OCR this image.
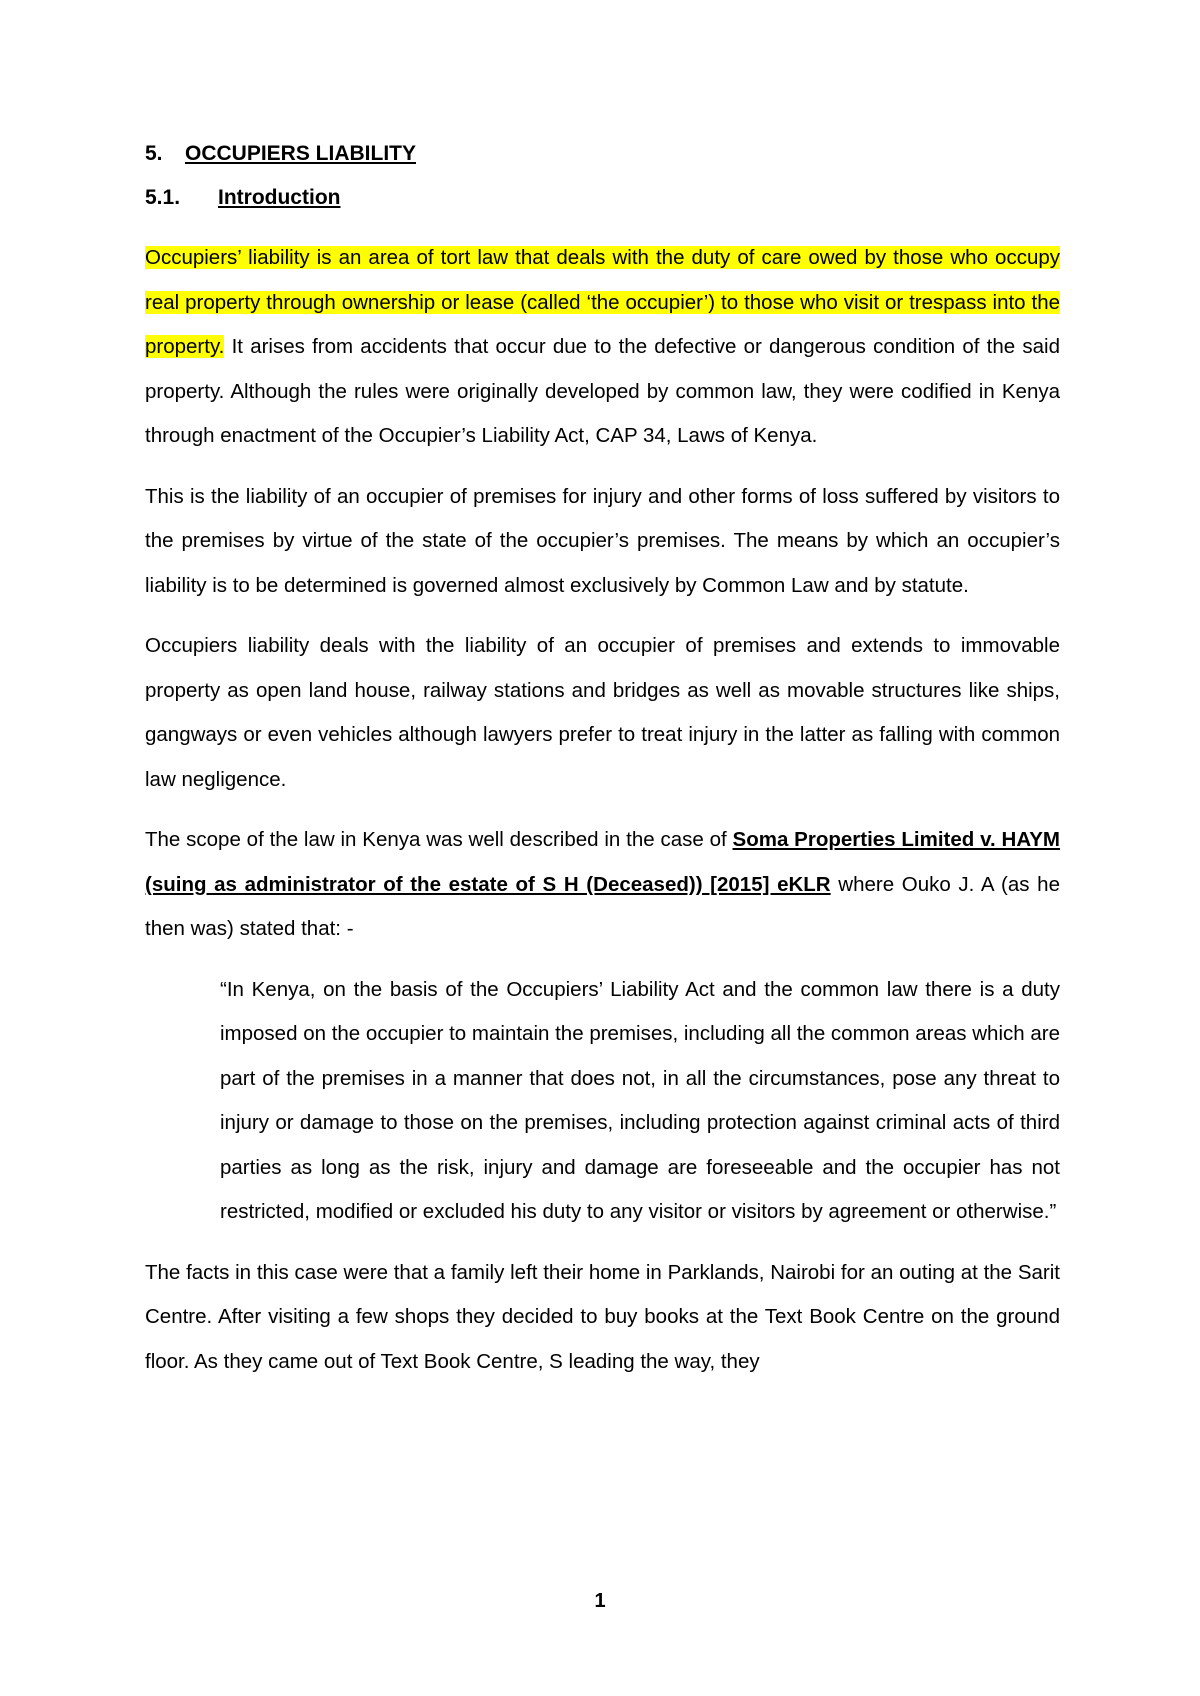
5.	OCCUPIERS LIABILITY
5.1.	Introduction

Occupiers’ liability is an area of tort law that deals with the duty of care owed by those who occupy real property through ownership or lease (called ‘the occupier’) to those who visit or trespass into the property. It arises from accidents that occur due to the defective or dangerous condition of the said property. Although the rules were originally developed by common law, they were codified in Kenya through enactment of the Occupier’s Liability Act, CAP 34, Laws of Kenya.

This is the liability of an occupier of premises for injury and other forms of loss suffered by visitors to the premises by virtue of the state of the occupier’s premises. The means by which an occupier’s liability is to be determined is governed almost exclusively by Common Law and by statute.

Occupiers liability deals with the liability of an occupier of premises and extends to immovable property as open land house, railway stations and bridges as well as movable structures like ships, gangways or even vehicles although lawyers prefer to treat injury in the latter as falling with common law negligence.

The scope of the law in Kenya was well described in the case of Soma Properties Limited v. HAYM (suing as administrator of the estate of S H (Deceased)) [2015] eKLR where Ouko J. A (as he then was) stated that: -

“In Kenya, on the basis of the Occupiers’ Liability Act and the common law there is a duty imposed on the occupier to maintain the premises, including all the common areas which are part of the premises in a manner that does not, in all the circumstances, pose any threat to injury or damage to those on the premises, including protection against criminal acts of third parties as long as the risk, injury and damage are foreseeable and the occupier has not restricted, modified or excluded his duty to any visitor or visitors by agreement or otherwise.”

The facts in this case were that a family left their home in Parklands, Nairobi for an outing at the Sarit Centre. After visiting a few shops they decided to buy books at the Text Book Centre on the ground floor. As they came out of Text Book Centre, S leading the way, they

1
